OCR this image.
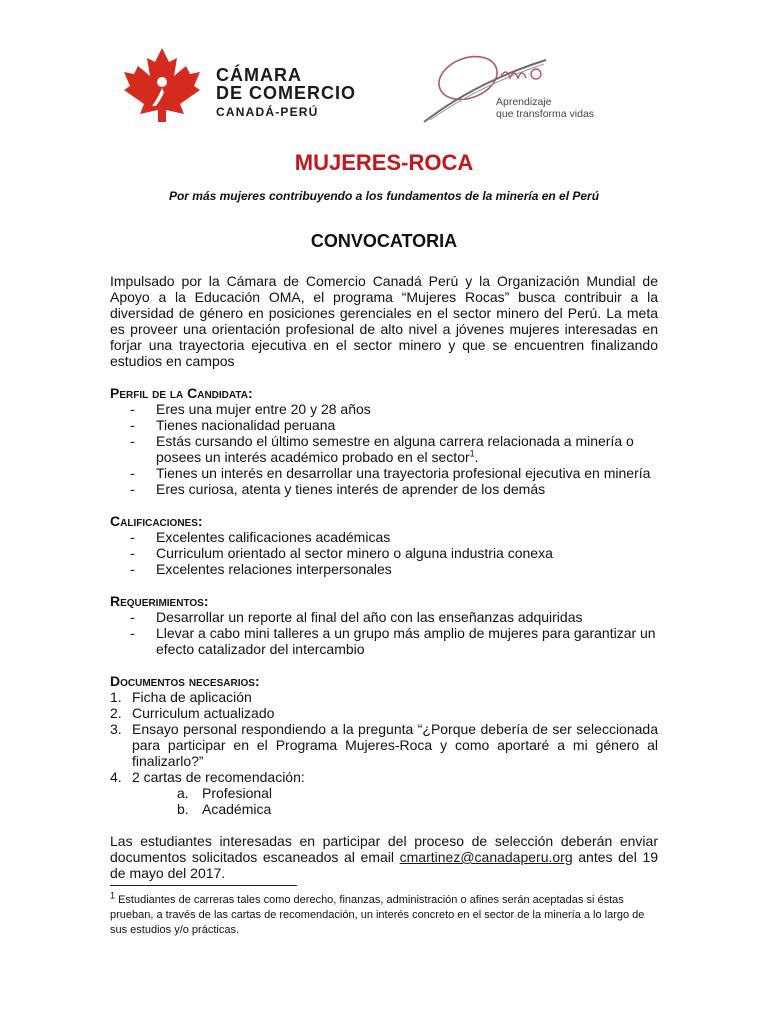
CÁMARA
DE COMERCIO
CANADÁ-PERÚ
Aprendizaje
que transforma vidas
MUJERES-ROCA
Por más mujeres contribuyendo a los fundamentos de la minería en el Perú
CONVOCATORIA

Impulsado por la Cámara de Comercio Canadá Perú y la Organización Mundial de Apoyo a la Educación OMA, el programa “Mujeres Rocas” busca contribuir a la diversidad de género en posiciones gerenciales en el sector minero del Perú. La meta es proveer una orientación profesional de alto nivel a jóvenes mujeres interesadas en forjar una trayectoria ejecutiva en el sector minero y que se encuentren finalizando estudios en campos

Perfil de la Candidata:
- Eres una mujer entre 20 y 28 años
- Tienes nacionalidad peruana
- Estás cursando el último semestre en alguna carrera relacionada a minería o posees un interés académico probado en el sector$^1$.
- Tienes un interés en desarrollar una trayectoria profesional ejecutiva en minería
- Eres curiosa, atenta y tienes interés de aprender de los demás
Calificaciones:
- Excelentes calificaciones académicas
- Curriculum orientado al sector minero o alguna industria conexa
- Excelentes relaciones interpersonales
Requerimientos:
- Desarrollar un reporte al final del año con las enseñanzas adquiridas
- Llevar a cabo mini talleres a un grupo más amplio de mujeres para garantizar un efecto catalizador del intercambio
Documentos necesarios:
1. Ficha de aplicación
2. Curriculum actualizado
3. Ensayo personal respondiendo a la pregunta “¿Porque debería de ser seleccionada para participar en el Programa Mujeres-Roca y como aportaré a mi género al finalizarlo?”
4. 2 cartas de recomendación:
a. Profesional
b. Académica

Las estudiantes interesadas en participar del proceso de selección deberán enviar documentos solicitados escaneados al email cmartinez@canadaperu.org antes del 19 de mayo del 2017.

$^1$ Estudiantes de carreras tales como derecho, finanzas, administración o afines serán aceptadas si éstas prueban, a través de las cartas de recomendación, un interés concreto en el sector de la minería a lo largo de sus estudios y/o prácticas.
